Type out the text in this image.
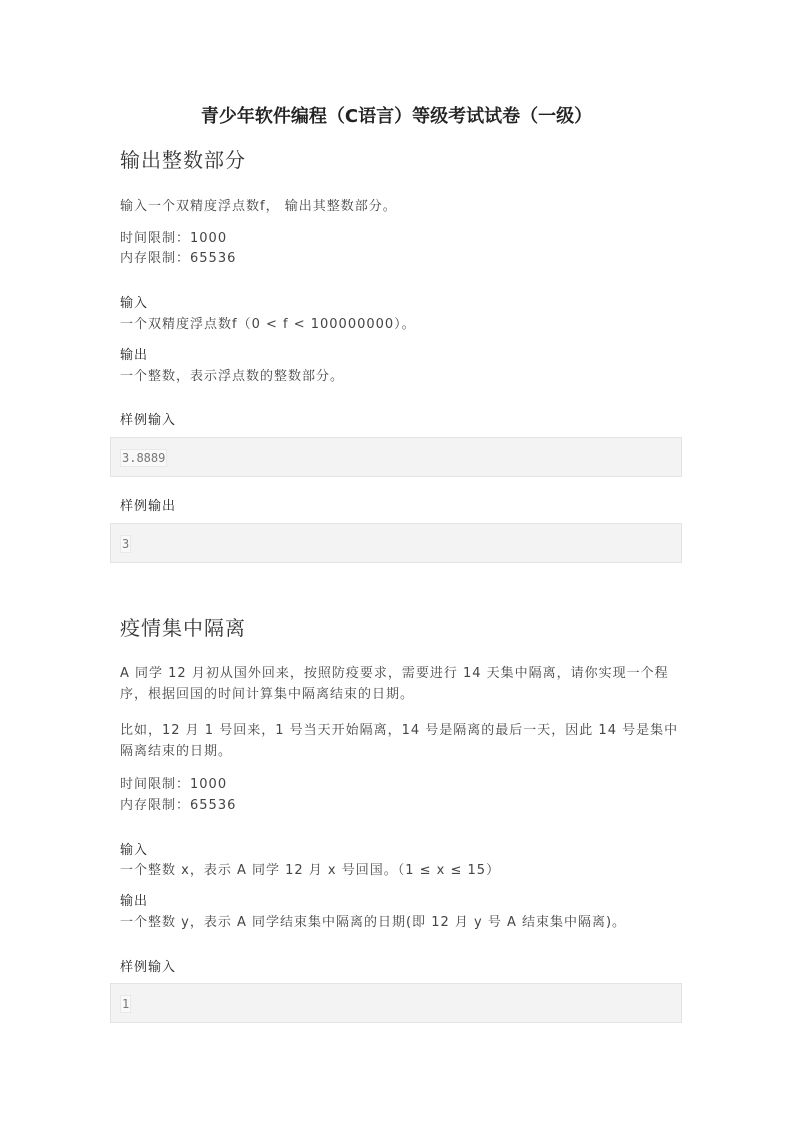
青少年软件编程（C语言）等级考试试卷（一级）
输出整数部分
输入一个双精度浮点数f， 输出其整数部分。
时间限制：1000
内存限制：65536
输入
一个双精度浮点数f（0 < f < 100000000）。
输出
一个整数，表示浮点数的整数部分。
样例输入
3.8889
样例输出
3
疫情集中隔离
A 同学 12 月初从国外回来，按照防疫要求，需要进行 14 天集中隔离，请你实现一个程
序，根据回国的时间计算集中隔离结束的日期。
比如，12 月 1 号回来，1 号当天开始隔离，14 号是隔离的最后一天，因此 14 号是集中
隔离结束的日期。
时间限制：1000
内存限制：65536
输入
一个整数 x，表示 A 同学 12 月 x 号回国。（1 ≤ x ≤ 15）
输出
一个整数 y，表示 A 同学结束集中隔离的日期(即 12 月 y 号 A 结束集中隔离)。
样例输入
1
